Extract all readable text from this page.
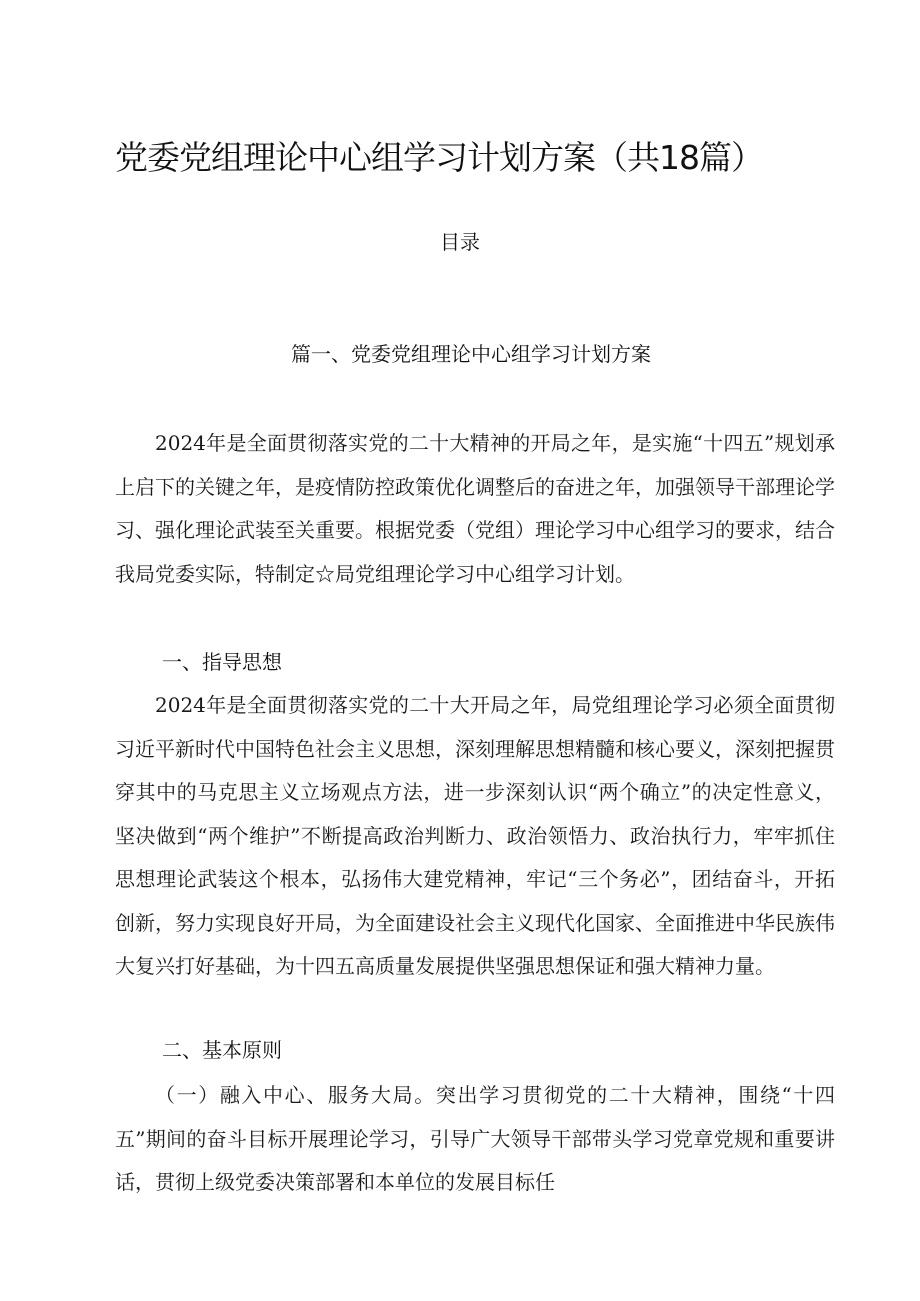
党委党组理论中心组学习计划方案（共18篇）
目录
篇一、党委党组理论中心组学习计划方案

2024年是全面贯彻落实党的二十大精神的开局之年，是实施“十四五”规划承上启下的关键之年，是疫情防控政策优化调整后的奋进之年，加强领导干部理论学习、强化理论武装至关重要。根据党委（党组）理论学习中心组学习的要求，结合我局党委实际，特制定☆局党组理论学习中心组学习计划。

一、指导思想

2024年是全面贯彻落实党的二十大开局之年，局党组理论学习必须全面贯彻习近平新时代中国特色社会主义思想，深刻理解思想精髓和核心要义，深刻把握贯穿其中的马克思主义立场观点方法，进一步深刻认识“两个确立”的决定性意义，坚决做到“两个维护”不断提高政治判断力、政治领悟力、政治执行力，牢牢抓住思想理论武装这个根本，弘扬伟大建党精神，牢记“三个务必”，团结奋斗，开拓创新，努力实现良好开局，为全面建设社会主义现代化国家、全面推进中华民族伟大复兴打好基础，为十四五高质量发展提供坚强思想保证和强大精神力量。

二、基本原则

（一）融入中心、服务大局。突出学习贯彻党的二十大精神，围绕“十四五”期间的奋斗目标开展理论学习，引导广大领导干部带头学习党章党规和重要讲话，贯彻上级党委决策部署和本单位的发展目标任
